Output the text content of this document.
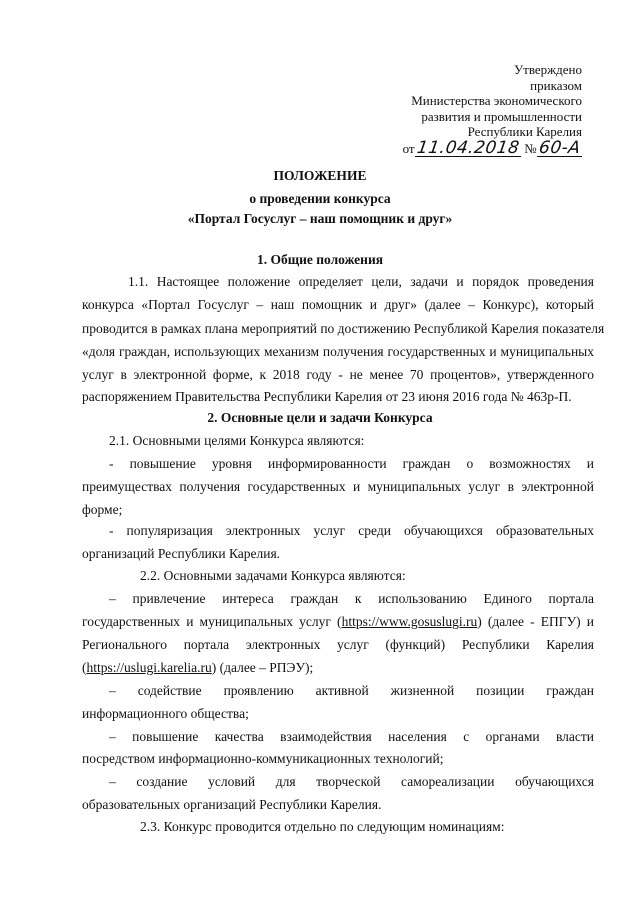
Утверждено
приказом
Министерства экономического
развития и промышленности
Республики Карелия
от11.04.2018 №60-А
ПОЛОЖЕНИЕ
о проведении конкурса
«Портал Госуслуг – наш помощник и друг»
1. Общие положения
1.1. Настоящее положение определяет цели, задачи и порядок проведения
конкурса «Портал Госуслуг – наш помощник и друг» (далее – Конкурс), который
проводится в рамках плана мероприятий по достижению Республикой Карелия показателя
«доля граждан, использующих механизм получения государственных и муниципальных
услуг в электронной форме, к 2018 году - не менее 70 процентов», утвержденного
распоряжением Правительства Республики Карелия от 23 июня 2016 года № 463р-П.
2. Основные цели и задачи Конкурса
2.1. Основными целями Конкурса являются:
- повышение уровня информированности граждан о возможностях и
преимуществах получения государственных и муниципальных услуг в электронной
форме;
- популяризация электронных услуг среди обучающихся образовательных
организаций Республики Карелия.
2.2. Основными задачами Конкурса являются:
– привлечение интереса граждан к использованию Единого портала
государственных и муниципальных услуг (https://www.gosuslugi.ru) (далее - ЕПГУ) и
Регионального портала электронных услуг (функций) Республики Карелия
(https://uslugi.karelia.ru) (далее – РПЭУ);
– содействие проявлению активной жизненной позиции граждан
информационного общества;
– повышение качества взаимодействия населения с органами власти
посредством информационно-коммуникационных технологий;
– создание условий для творческой самореализации обучающихся
образовательных организаций Республики Карелия.
2.3. Конкурс проводится отдельно по следующим номинациям:
